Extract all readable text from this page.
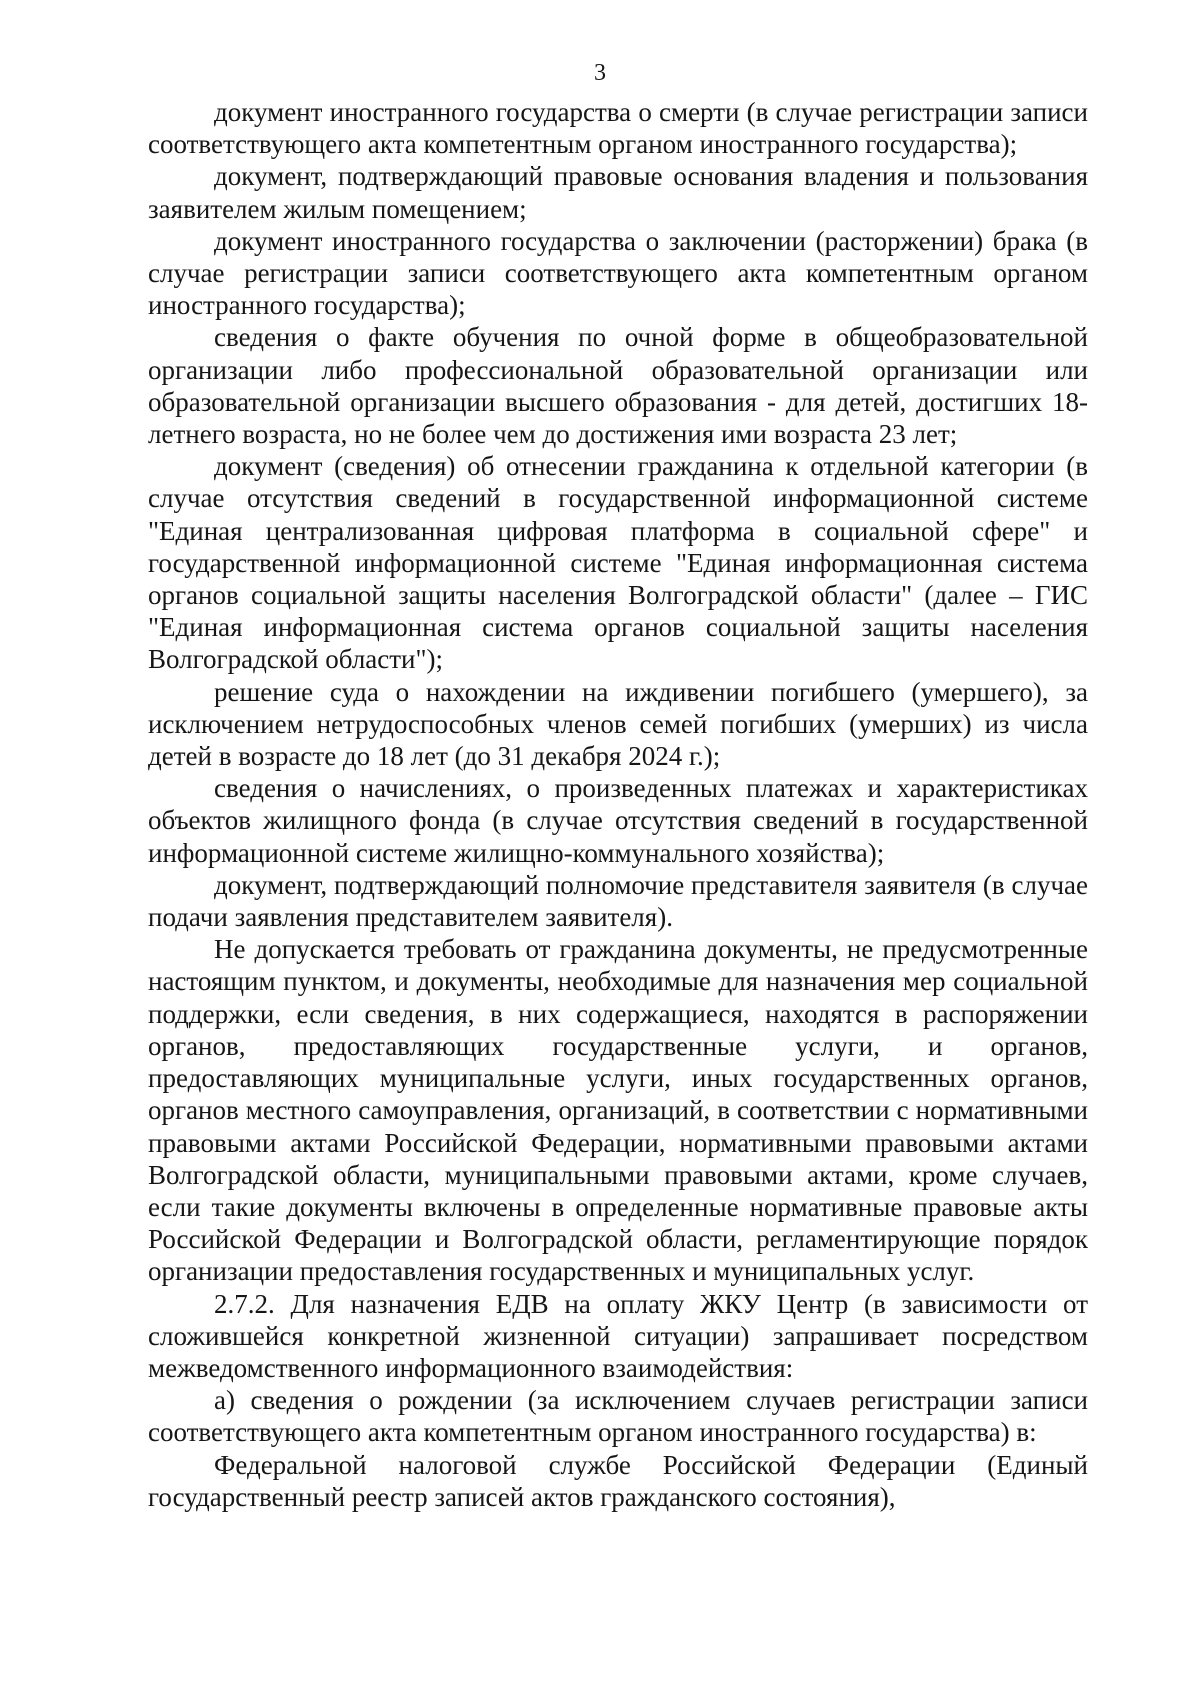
3

документ иностранного государства о смерти (в случае регистрации записи соответствующего акта компетентным органом иностранного государства);

документ, подтверждающий правовые основания владения и пользования заявителем жилым помещением;

документ иностранного государства о заключении (расторжении) брака (в случае регистрации записи соответствующего акта компетентным органом иностранного государства);

сведения о факте обучения по очной форме в общеобразовательной организации либо профессиональной образовательной организации или образовательной организации высшего образования - для детей, достигших 18-летнего возраста, но не более чем до достижения ими возраста 23 лет;

документ (сведения) об отнесении гражданина к отдельной категории (в случае отсутствия сведений в государственной информационной системе "Единая централизованная цифровая платформа в социальной сфере" и государственной информационной системе "Единая информационная система органов социальной защиты населения Волгоградской области" (далее – ГИС "Единая информационная система органов социальной защиты населения Волгоградской области");

решение суда о нахождении на иждивении погибшего (умершего), за исключением нетрудоспособных членов семей погибших (умерших) из числа детей в возрасте до 18 лет (до 31 декабря 2024 г.);

сведения о начислениях, о произведенных платежах и характеристиках объектов жилищного фонда (в случае отсутствия сведений в государственной информационной системе жилищно-коммунального хозяйства);

документ, подтверждающий полномочие представителя заявителя (в случае подачи заявления представителем заявителя).

Не допускается требовать от гражданина документы, не предусмотренные настоящим пунктом, и документы, необходимые для назначения мер социальной поддержки, если сведения, в них содержащиеся, находятся в распоряжении органов, предоставляющих государственные услуги, и органов, предоставляющих муниципальные услуги, иных государственных органов, органов местного самоуправления, организаций, в соответствии с нормативными правовыми актами Российской Федерации, нормативными правовыми актами Волгоградской области, муниципальными правовыми актами, кроме случаев, если такие документы включены в определенные нормативные правовые акты Российской Федерации и Волгоградской области, регламентирующие порядок организации предоставления государственных и муниципальных услуг.

2.7.2. Для назначения ЕДВ на оплату ЖКУ Центр (в зависимости от сложившейся конкретной жизненной ситуации) запрашивает посредством межведомственного информационного взаимодействия:

а) сведения о рождении (за исключением случаев регистрации записи соответствующего акта компетентным органом иностранного государства) в:

Федеральной налоговой службе Российской Федерации (Единый государственный реестр записей актов гражданского состояния),
